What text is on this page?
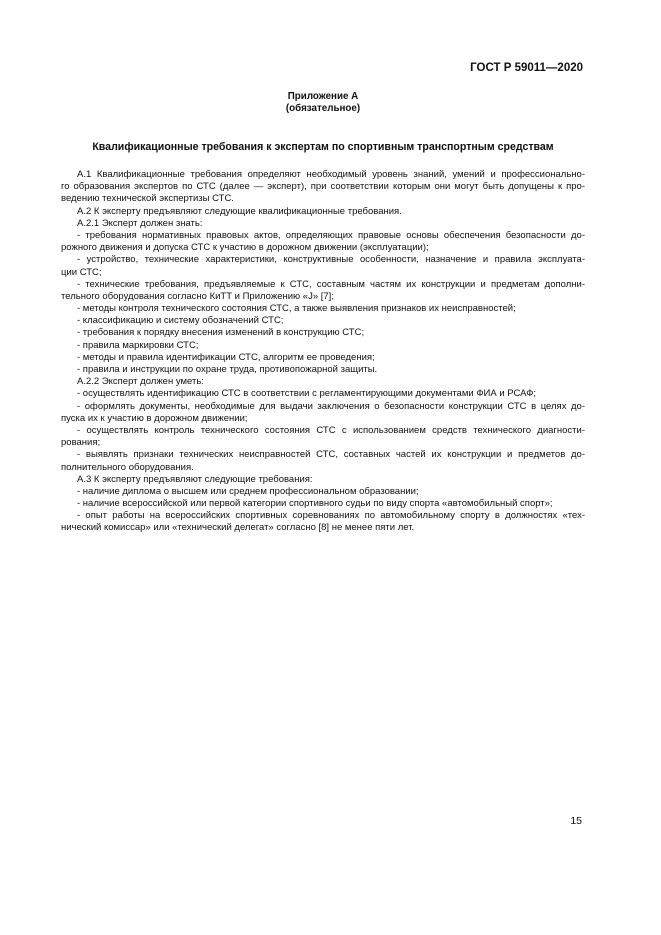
ГОСТ Р 59011—2020
Приложение А
(обязательное)
Квалификационные требования к экспертам по спортивным транспортным средствам
А.1 Квалификационные требования определяют необходимый уровень знаний, умений и профессионально-
го образования экспертов по СТС (далее — эксперт), при соответствии которым они могут быть допущены к про-
ведению технической экспертизы СТС.
А.2 К эксперту предъявляют следующие квалификационные требования.
А.2.1 Эксперт должен знать:
- требования нормативных правовых актов, определяющих правовые основы обеспечения безопасности до-
рожного движения и допуска СТС к участию в дорожном движении (эксплуатации);
- устройство, технические характеристики, конструктивные особенности, назначение и правила эксплуата-
ции СТС;
- технические требования, предъявляемые к СТС, составным частям их конструкции и предметам дополни-
тельного оборудования согласно КиТТ и Приложению «J» [7];
- методы контроля технического состояния СТС, а также выявления признаков их неисправностей;
- классификацию и систему обозначений СТС;
- требования к порядку внесения изменений в конструкцию СТС;
- правила маркировки СТС;
- методы и правила идентификации СТС, алгоритм ее проведения;
- правила и инструкции по охране труда, противопожарной защиты.
А.2.2 Эксперт должен уметь:
- осуществлять идентификацию СТС в соответствии с регламентирующими документами ФИА и РСАФ;
- оформлять документы, необходимые для выдачи заключения о безопасности конструкции СТС в целях до-
пуска их к участию в дорожном движении;
- осуществлять контроль технического состояния СТС с использованием средств технического диагности-
рования;
- выявлять признаки технических неисправностей СТС, составных частей их конструкции и предметов до-
полнительного оборудования.
А.3 К эксперту предъявляют следующие требования:
- наличие диплома о высшем или среднем профессиональном образовании;
- наличие всероссийской или первой категории спортивного судьи по виду спорта «автомобильный спорт»;
- опыт работы на всероссийских спортивных соревнованиях по автомобильному спорту в должностях «тех-
нический комиссар» или «технический делегат» согласно [8] не менее пяти лет.
15
